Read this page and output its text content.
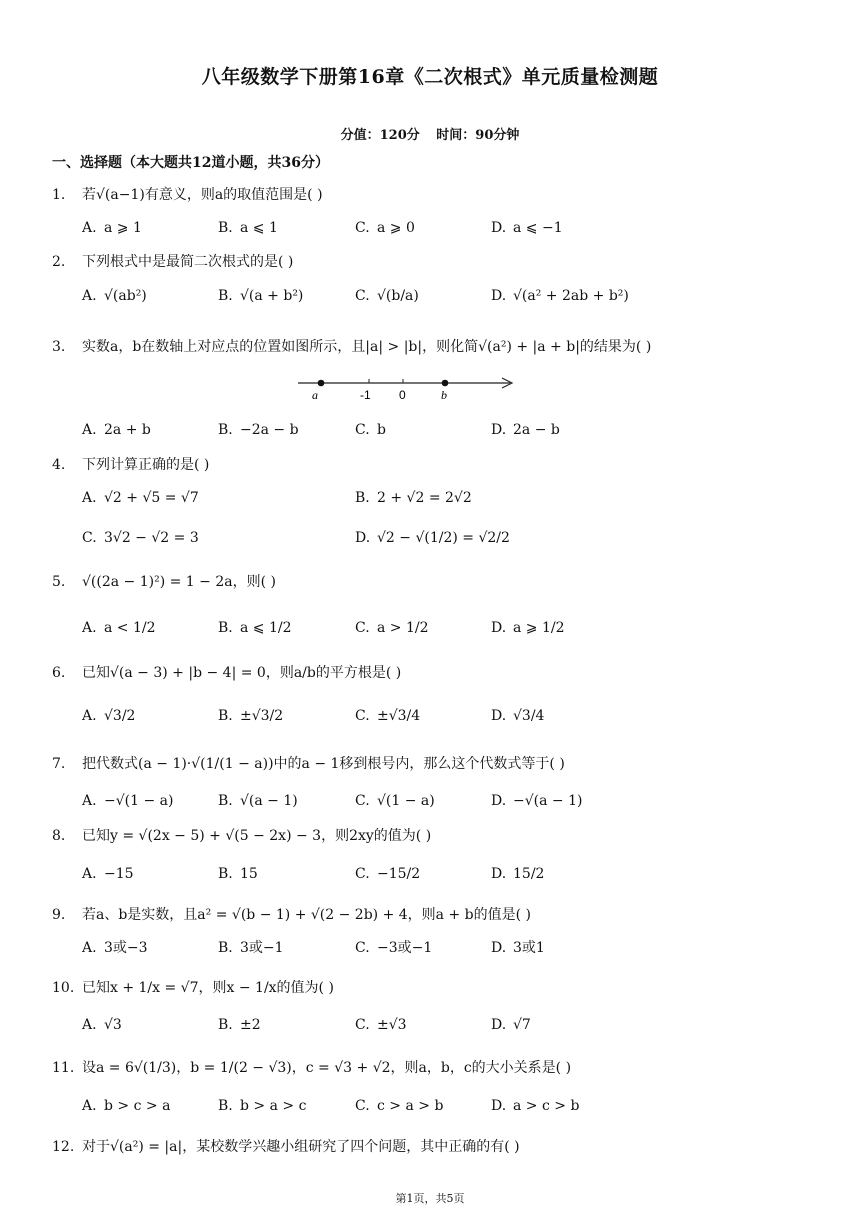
八年级数学下册第16章《二次根式》单元质量检测题
分值：120分 时间：90分钟
一、选择题（本大题共12道小题，共36分）
1. 若√(a−1)有意义，则a的取值范围是( )
A. a ⩾ 1	B. a ⩽ 1	C. a ⩾ 0	D. a ⩽ −1
2. 下列根式中是最简二次根式的是( )
A. √(ab²)	B. √(a + b²)	C. √(b/a)	D. √(a² + 2ab + b²)
3. 实数a，b在数轴上对应点的位置如图所示，且|a| > |b|，则化简√(a²) + |a + b|的结果为( )
A. 2a + b	B. −2a − b	C. b	D. 2a − b
4. 下列计算正确的是( )
A. √2 + √5 = √7	B. 2 + √2 = 2√2
C. 3√2 − √2 = 3	D. √2 − √(1/2) = √2/2
5. √((2a − 1)²) = 1 − 2a，则( )
A. a < 1/2	B. a ⩽ 1/2	C. a > 1/2	D. a ⩾ 1/2
6. 已知√(a − 3) + |b − 4| = 0，则a/b的平方根是( )
A. √3/2	B. ±√3/2	C. ±√3/4	D. √3/4
7. 把代数式(a − 1)·√(1/(1 − a))中的a − 1移到根号内，那么这个代数式等于( )
A. −√(1 − a)	B. √(a − 1)	C. √(1 − a)	D. −√(a − 1)
8. 已知y = √(2x − 5) + √(5 − 2x) − 3，则2xy的值为( )
A. −15	B. 15	C. −15/2	D. 15/2
9. 若a、b是实数，且a² = √(b − 1) + √(2 − 2b) + 4，则a + b的值是( )
A. 3或−3	B. 3或−1	C. −3或−1	D. 3或1
10. 已知x + 1/x = √7，则x − 1/x的值为( )
A. √3	B. ±2	C. ±√3	D. √7
11. 设a = 6√(1/3)，b = 1/(2 − √3)，c = √3 + √2，则a，b，c的大小关系是( )
A. b > c > a	B. b > a > c	C. c > a > b	D. a > c > b
12. 对于√(a²) = |a|，某校数学兴趣小组研究了四个问题，其中正确的有( )
a	-1 0	b
第1页，共5页
